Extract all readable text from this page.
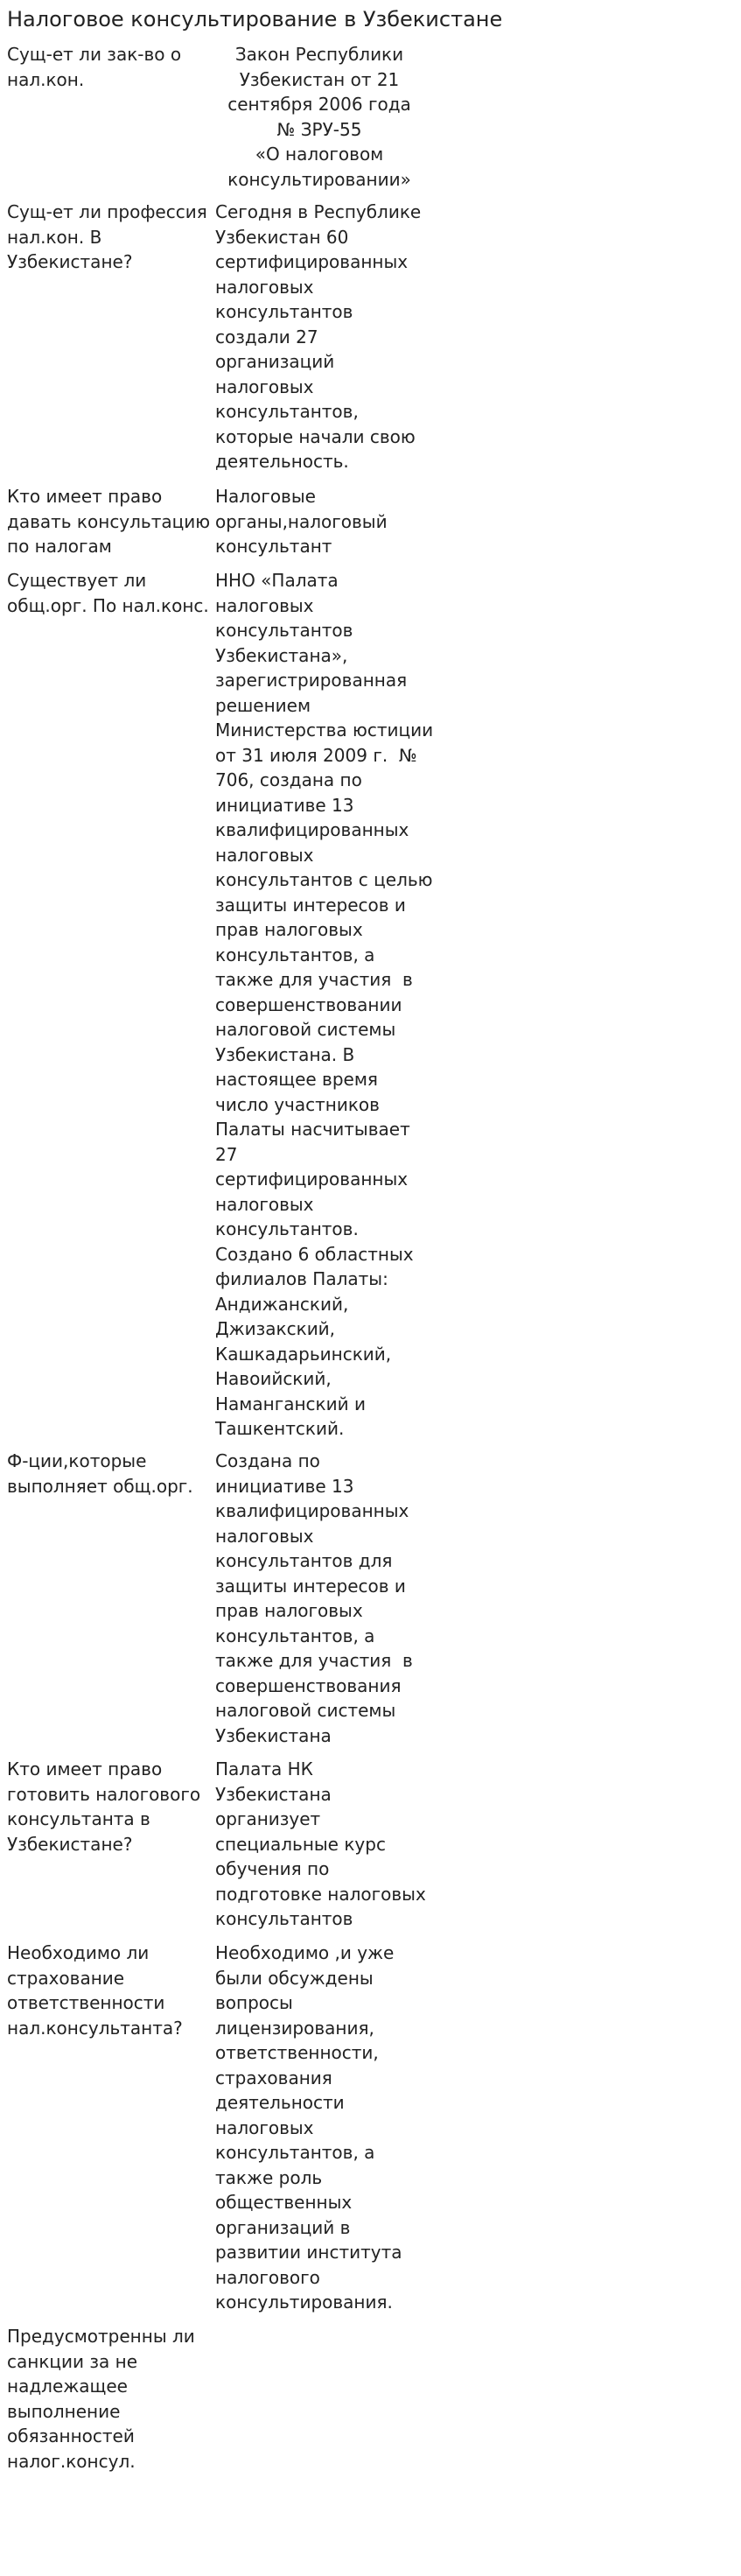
Налоговое консультирование в Узбекистане
Сущ-ет ли зак-во о
нал.кон.
Закон Республики
Узбекистан от 21
сентября 2006 года
№ ЗРУ-55
«О налоговом
консультировании»
Сущ-ет ли профессия
нал.кон. В
Узбекистане?
Сегодня в Республике
Узбекистан 60
сертифицированных
налоговых
консультантов
создали 27
организаций
налоговых
консультантов,
которые начали свою
деятельность.
Кто имеет право
давать консультацию
по налогам
Налоговые
органы,налоговый
консультант
Существует ли
общ.орг. По нал.конс.
ННО «Палата
налоговых
консультантов
Узбекистана»,
зарегистрированная
решением
Министерства юстиции
от 31 июля 2009 г.  №
706, создана по
инициативе 13
квалифицированных
налоговых
консультантов с целью
защиты интересов и
прав налоговых
консультантов, а
также для участия  в
совершенствовании
налоговой системы
Узбекистана. В
настоящее время
число участников
Палаты насчитывает
27
сертифицированных
налоговых
консультантов.
Создано 6 областных
филиалов Палаты:
Андижанский,
Джизакский,
Кашкадарьинский,
Навоийский,
Наманганский и
Ташкентский.
Ф-ции,которые
выполняет общ.орг.
Создана по
инициативе 13
квалифицированных
налоговых
консультантов для
защиты интересов и
прав налоговых
консультантов, а
также для участия  в
совершенствования
налоговой системы
Узбекистана
Кто имеет право
готовить налогового
консультанта в
Узбекистане?
Палата НК
Узбекистана
организует
специальные курс
обучения по
подготовке налоговых
консультантов
Необходимо ли
страхование
ответственности
нал.консультанта?
Необходимо ,и уже
были обсуждены
вопросы
лицензирования,
ответственности,
страхования
деятельности
налоговых
консультантов, а
также роль
общественных
организаций в
развитии института
налогового
консультирования.
Предусмотренны ли
санкции за не
надлежащее
выполнение
обязанностей
налог.консул.
